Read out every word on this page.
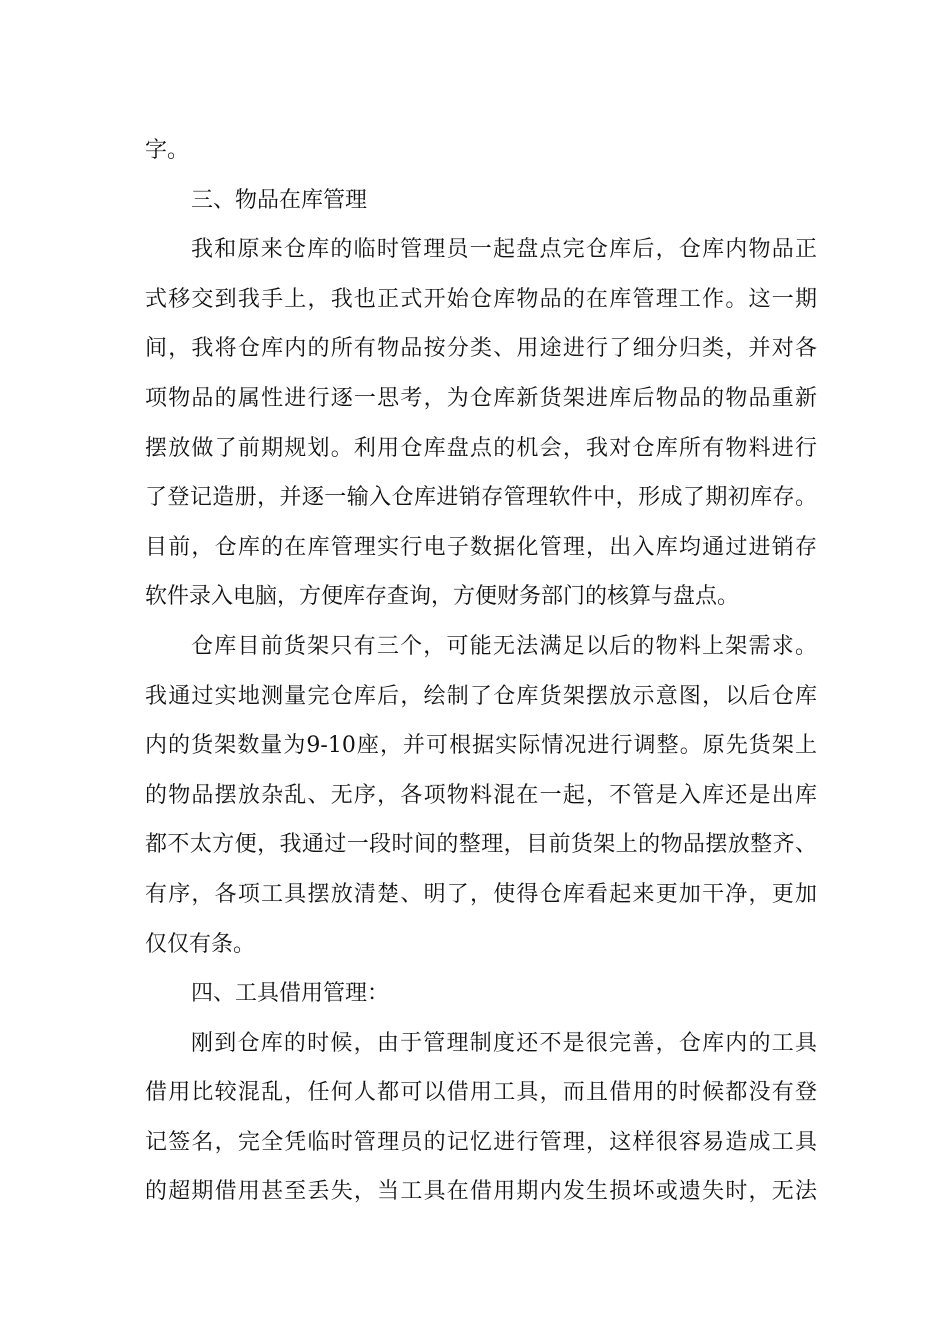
字。
三、物品在库管理
我和原来仓库的临时管理员一起盘点完仓库后，仓库内物品正
式移交到我手上，我也正式开始仓库物品的在库管理工作。这一期
间，我将仓库内的所有物品按分类、用途进行了细分归类，并对各
项物品的属性进行逐一思考，为仓库新货架进库后物品的物品重新
摆放做了前期规划。利用仓库盘点的机会，我对仓库所有物料进行
了登记造册，并逐一输入仓库进销存管理软件中，形成了期初库存。
目前，仓库的在库管理实行电子数据化管理，出入库均通过进销存
软件录入电脑，方便库存查询，方便财务部门的核算与盘点。
仓库目前货架只有三个，可能无法满足以后的物料上架需求。
我通过实地测量完仓库后，绘制了仓库货架摆放示意图，以后仓库
内的货架数量为9-10座，并可根据实际情况进行调整。原先货架上
的物品摆放杂乱、无序，各项物料混在一起，不管是入库还是出库
都不太方便，我通过一段时间的整理，目前货架上的物品摆放整齐、
有序，各项工具摆放清楚、明了，使得仓库看起来更加干净，更加
仅仅有条。
四、工具借用管理：
刚到仓库的时候，由于管理制度还不是很完善，仓库内的工具
借用比较混乱，任何人都可以借用工具，而且借用的时候都没有登
记签名，完全凭临时管理员的记忆进行管理，这样很容易造成工具
的超期借用甚至丢失，当工具在借用期内发生损坏或遗失时，无法
